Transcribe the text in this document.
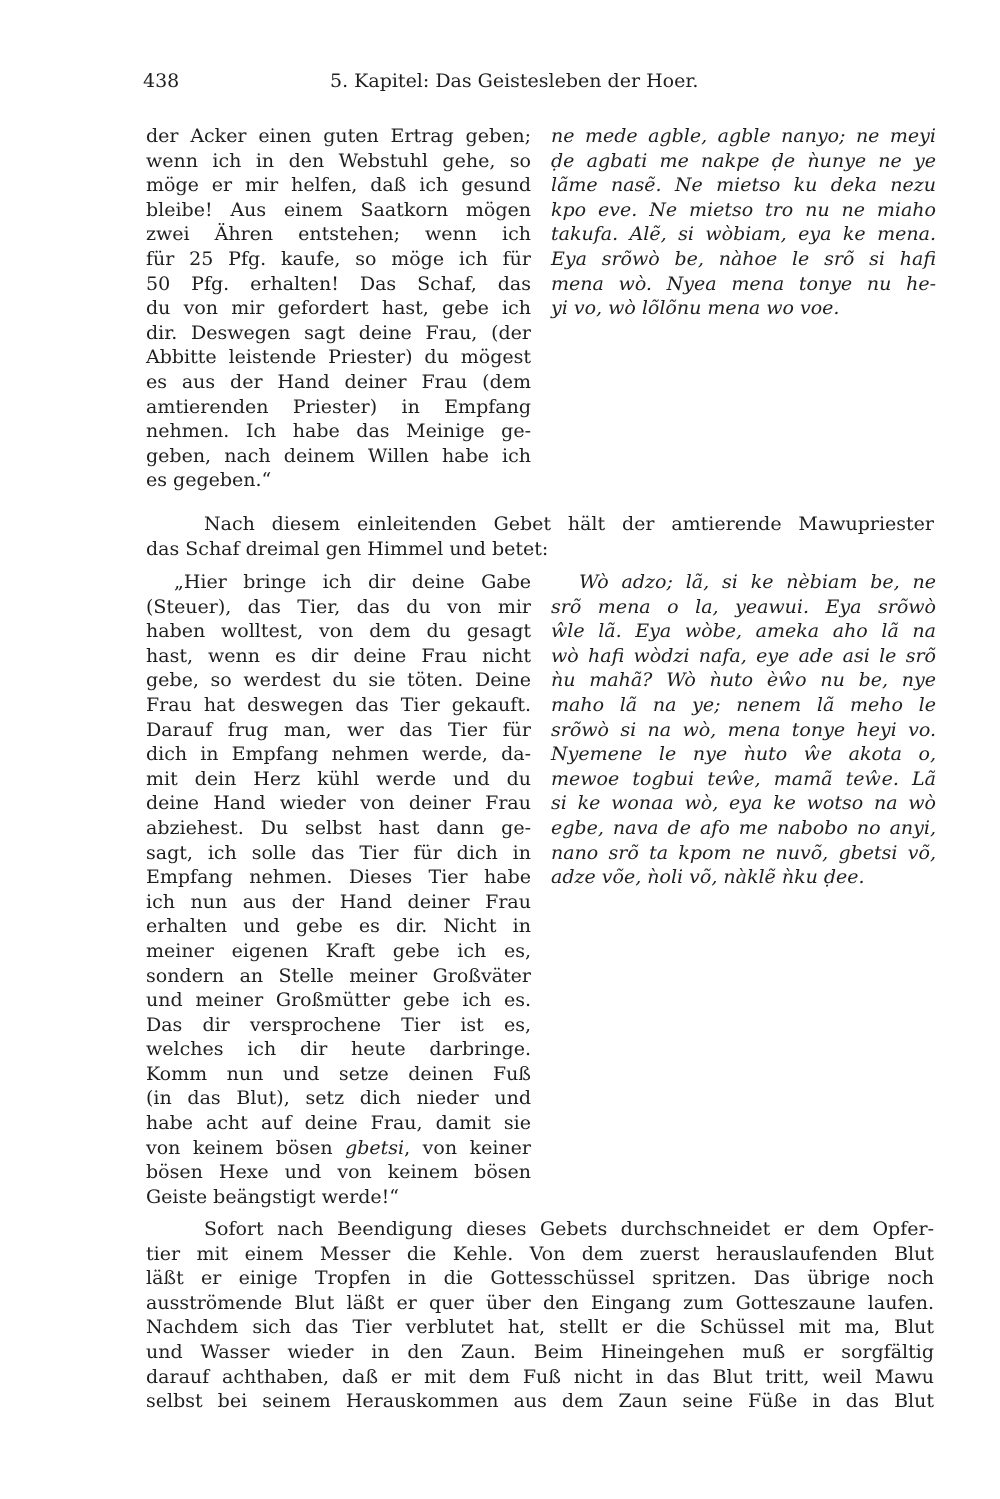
438	5. Kapitel: Das Geistesleben der Hoer.
der Acker einen guten Ertrag geben;
wenn ich in den Webstuhl gehe, so
möge er mir helfen, daß ich gesund
bleibe! Aus einem Saatkorn mögen
zwei Ähren entstehen; wenn ich
für 25 Pfg. kaufe, so möge ich für
50 Pfg. erhalten! Das Schaf, das
du von mir gefordert hast, gebe ich
dir. Deswegen sagt deine Frau, (der
Abbitte leistende Priester) du mögest
es aus der Hand deiner Frau (dem
amtierenden Priester) in Empfang
nehmen. Ich habe das Meinige ge-
geben, nach deinem Willen habe ich
es gegeben.“
ne mede agble, agble nanyo; ne meyi
ḍe agbati me nakpe ḍe ǹunye ne ye
lãme nasẽ. Ne mietso ku deka nezu
kpo eve. Ne mietso tro nu ne miaho
takufa. Alẽ, si wòbiam, eya ke mena.
Eya srõwò be, nàhoe le srõ si hafi
mena wò. Nyea mena tonye nu he-
yi vo, wò lõlõnu mena wo voe.
Nach diesem einleitenden Gebet hält der amtierende Mawupriester
das Schaf dreimal gen Himmel und betet:
„Hier bringe ich dir deine Gabe
(Steuer), das Tier, das du von mir
haben wolltest, von dem du gesagt
hast, wenn es dir deine Frau nicht
gebe, so werdest du sie töten. Deine
Frau hat deswegen das Tier gekauft.
Darauf frug man, wer das Tier für
dich in Empfang nehmen werde, da-
mit dein Herz kühl werde und du
deine Hand wieder von deiner Frau
abziehest. Du selbst hast dann ge-
sagt, ich solle das Tier für dich in
Empfang nehmen. Dieses Tier habe
ich nun aus der Hand deiner Frau
erhalten und gebe es dir. Nicht in
meiner eigenen Kraft gebe ich es,
sondern an Stelle meiner Großväter
und meiner Großmütter gebe ich es.
Das dir versprochene Tier ist es,
welches ich dir heute darbringe.
Komm nun und setze deinen Fuß
(in das Blut), setz dich nieder und
habe acht auf deine Frau, damit sie
von keinem bösen gbetsi, von keiner
bösen Hexe und von keinem bösen
Geiste beängstigt werde!“
Wò adzo; lã, si ke nèbiam be, ne
srõ mena o la, yeawui. Eya srõwò
ŵle lã. Eya wòbe, ameka aho lã na
wò hafi wòdzi nafa, eye ade asi le srõ
ǹu mahã? Wò ǹuto èŵo nu be, nye
maho lã na ye; nenem lã meho le
srõwò si na wò, mena tonye heyi vo.
Nyemene le nye ǹuto ŵe akota o,
mewoe togbui teŵe, mamã teŵe. Lã
si ke wonaa wò, eya ke wotso na wò
egbe, nava de afo me nabobo no anyi,
nano srõ ta kpom ne nuvõ, gbetsi võ,
adze võe, ǹoli võ, nàklẽ ǹku ḍee.
Sofort nach Beendigung dieses Gebets durchschneidet er dem Opfer-
tier mit einem Messer die Kehle. Von dem zuerst herauslaufenden Blut
läßt er einige Tropfen in die Gottesschüssel spritzen. Das übrige noch
ausströmende Blut läßt er quer über den Eingang zum Gotteszaune laufen.
Nachdem sich das Tier verblutet hat, stellt er die Schüssel mit ma, Blut
und Wasser wieder in den Zaun. Beim Hineingehen muß er sorgfältig
darauf achthaben, daß er mit dem Fuß nicht in das Blut tritt, weil Mawu
selbst bei seinem Herauskommen aus dem Zaun seine Füße in das Blut
